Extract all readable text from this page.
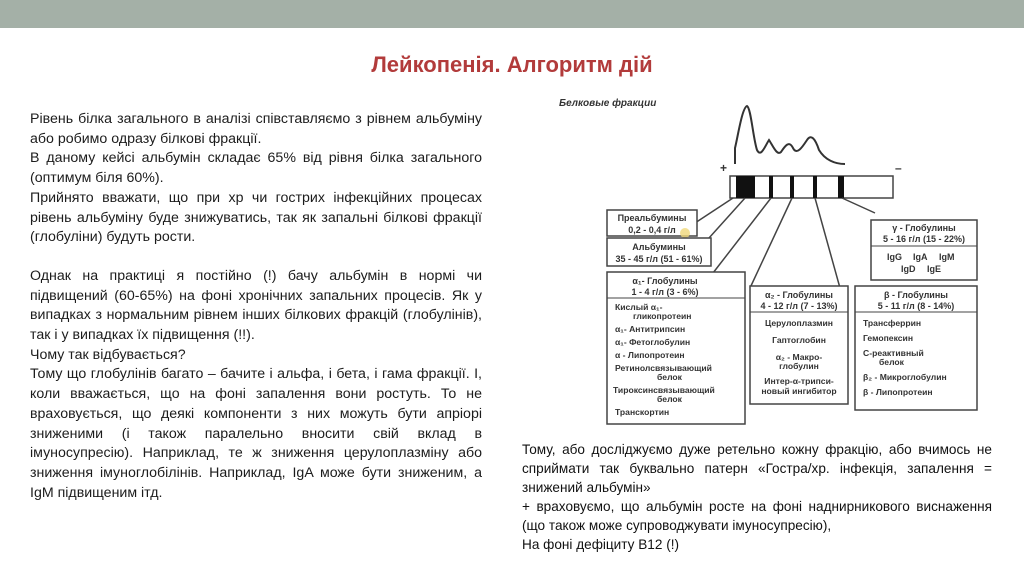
Лейкопенія. Алгоритм дій

Рівень білка загального в аналізі співставляємо з рівнем альбуміну або робимо одразу білкові фракції.

В даному кейсі альбумін складає 65% від рівня білка загального (оптимум біля 60%).

Прийнято вважати, що при хр чи гострих інфекційних процесах рівень альбуміну буде знижуватись, так як запальні білкові фракції (глобуліни) будуть рости.

Однак на практиці я постійно (!) бачу альбумін в нормі чи підвищений (60-65%) на фоні хронічних запальних процесів. Як у випадках з нормальним рівнем інших білкових фракцій (глобулінів), так і у випадках їх підвищення (!!).

Чому так відбувається?

Тому що глобулінів багато – бачите і альфа, і бета, і гама фракції. І, коли вважається, що на фоні запалення вони ростуть. То не враховується, що деякі компоненти з них можуть бути апріорі зниженими (і також паралельно вносити свій вклад в імуносупресію). Наприклад, те ж зниження церулоплазміну або зниження імуноглобілінів. Наприклад, IgA може бути зниженим, а IgM підвищеним ітд.

Белковые фракции
+	–
Преальбумины
0,2 - 0,4 г/л
Альбумины
35 - 45 г/л (51 - 61%)
γ - Глобулины
5 - 16 г/л (15 - 22%)
IgG IgA IgM
IgD IgE
α₁- Глобулины
1 - 4 г/л (3 - 6%)
Кислый α₁-
гликопротеин
α₁- Антитрипсин
α₁- Фетоглобулин
α - Липопротеин
Ретинолсвязывающий
белок
Тироксинсвязывающий
белок
Транскортин
α₂ - Глобулины
4 - 12 г/л (7 - 13%)
Церулоплазмин
Гаптоглобин
α₂ - Макро-
глобулин
Интер-α-трипси-
новый ингибитор
β - Глобулины
5 - 11 г/л (8 - 14%)
Трансферрин
Гемопексин
С-реактивный
белок
β₂ - Микроглобулин
β - Липопротеин

Тому, або досліджуємо дуже ретельно кожну фракцію, або вчимось не сприймати так буквально патерн «Гостра/хр. інфекція, запалення = знижений альбумін»

+ враховуємо, що альбумін росте на фоні наднирникового виснаження (що також може супроводжувати імуносупресію),

На фоні дефіциту В12 (!)
